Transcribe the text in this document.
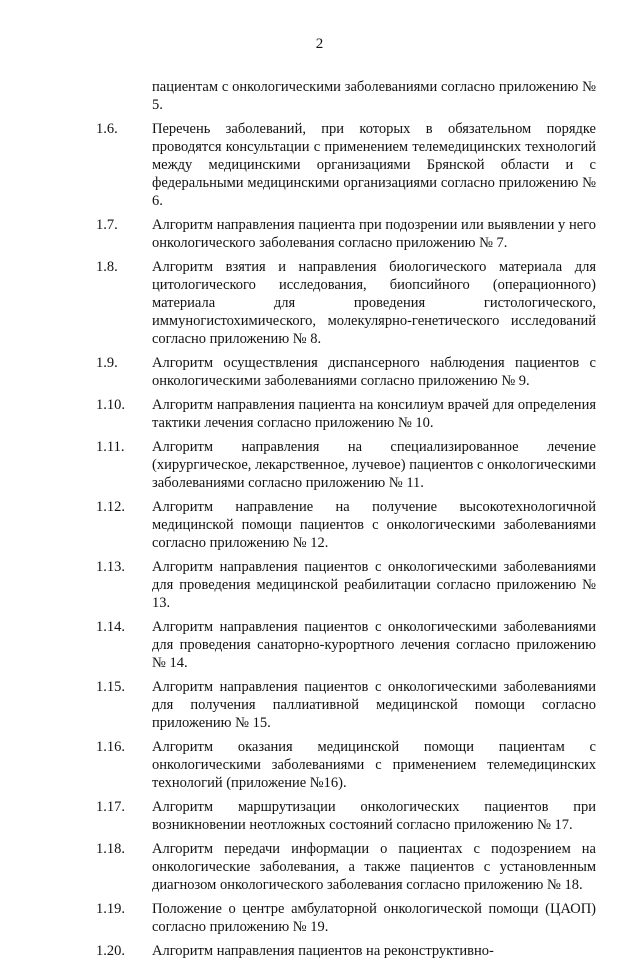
2
пациентам с онкологическими заболеваниями согласно приложению № 5.
1.6. Перечень заболеваний, при которых в обязательном порядке проводятся консультации с применением телемедицинских технологий между медицинскими организациями Брянской области и с федеральными медицинскими организациями согласно приложению № 6.
1.7. Алгоритм направления пациента при подозрении или выявлении у него онкологического заболевания согласно приложению № 7.
1.8. Алгоритм взятия и направления биологического материала для цитологического исследования, биопсийного (операционного) материала для проведения гистологического, иммуногистохимического, молекулярно-генетического исследований согласно приложению № 8.
1.9. Алгоритм осуществления диспансерного наблюдения пациентов с онкологическими заболеваниями согласно приложению № 9.
1.10. Алгоритм направления пациента на консилиум врачей для определения тактики лечения согласно приложению № 10.
1.11. Алгоритм направления на специализированное лечение (хирургическое, лекарственное, лучевое) пациентов с онкологическими заболеваниями согласно приложению № 11.
1.12. Алгоритм направление на получение высокотехнологичной медицинской помощи пациентов с онкологическими заболеваниями согласно приложению № 12.
1.13. Алгоритм направления пациентов с онкологическими заболеваниями для проведения медицинской реабилитации согласно приложению № 13.
1.14. Алгоритм направления пациентов с онкологическими заболеваниями для проведения санаторно-курортного лечения согласно приложению № 14.
1.15. Алгоритм направления пациентов с онкологическими заболеваниями для получения паллиативной медицинской помощи согласно приложению № 15.
1.16. Алгоритм оказания медицинской помощи пациентам с онкологическими заболеваниями с применением телемедицинских технологий (приложение №16).
1.17. Алгоритм маршрутизации онкологических пациентов при возникновении неотложных состояний согласно приложению № 17.
1.18. Алгоритм передачи информации о пациентах с подозрением на онкологические заболевания, а также пациентов с установленным диагнозом онкологического заболевания согласно приложению № 18.
1.19. Положение о центре амбулаторной онкологической помощи (ЦАОП) согласно приложению № 19.
1.20. Алгоритм направления пациентов на реконструктивно-
